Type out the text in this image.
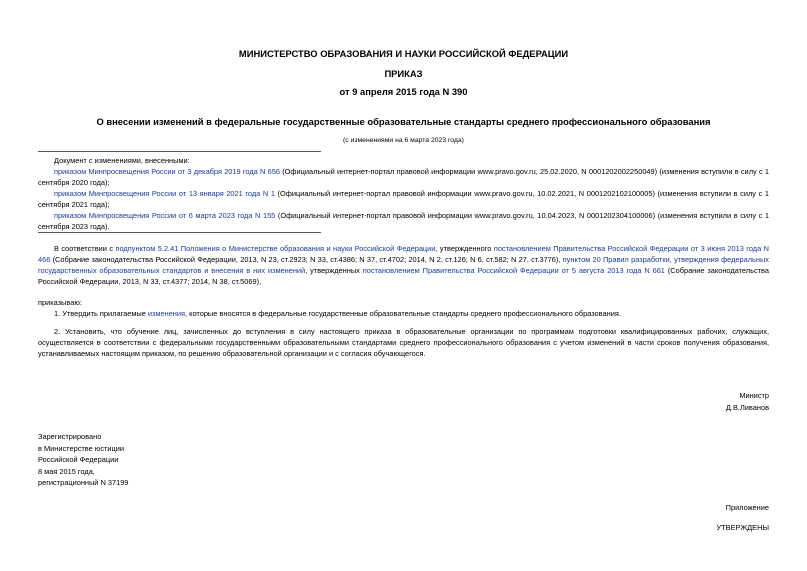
МИНИСТЕРСТВО ОБРАЗОВАНИЯ И НАУКИ РОССИЙСКОЙ ФЕДЕРАЦИИ
ПРИКАЗ
от 9 апреля 2015 года N 390
О внесении изменений в федеральные государственные образовательные стандарты среднего профессионального образования
(с изменениями на 6 марта 2023 года)
Документ с изменениями, внесенными:
приказом Минпросвещения России от 3 декабря 2019 года N 656 (Официальный интернет-портал правовой информации www.pravo.gov.ru, 25.02.2020, N 0001202002250049) (изменения вступили в силу с 1 сентября 2020 года);
приказом Минпросвещения России от 13 января 2021 года N 1 (Официальный интернет-портал правовой информации www.pravo.gov.ru, 10.02.2021, N 0001202102100005) (изменения вступили в силу с 1 сентября 2021 года);
приказом Минпросвещения России от 6 марта 2023 года N 155 (Официальный интернет-портал правовой информации www.pravo.gov.ru, 10.04.2023, N 0001202304100006) (изменения вступили в силу с 1 сентября 2023 года).
В соответствии с подпунктом 5.2.41 Положения о Министерстве образования и науки Российской Федерации, утвержденного постановлением Правительства Российской Федерации от 3 июня 2013 года N 466 (Собрание законодательства Российской Федерации, 2013, N 23, ст.2923; N 33, ст.4386; N 37, ст.4702; 2014, N 2, ст.126; N 6, ст.582; N 27, ст.3776), пунктом 20 Правил разработки, утверждения федеральных государственных образовательных стандартов и внесения в них изменений, утвержденных постановлением Правительства Российской Федерации от 5 августа 2013 года N 661 (Собрание законодательства Российской Федерации, 2013, N 33, ст.4377; 2014, N 38, ст.5069),
приказываю:
1. Утвердить прилагаемые изменения, которые вносятся в федеральные государственные образовательные стандарты среднего профессионального образования.
2. Установить, что обучение лиц, зачисленных до вступления в силу настоящего приказа в образовательные организации по программам подготовки квалифицированных рабочих, служащих, осуществляется в соответствии с федеральными государственными образовательными стандартами среднего профессионального образования с учетом изменений в части сроков получения образования, устанавливаемых настоящим приказом, по решению образовательной организации и с согласия обучающегося.
Министр
Д.В.Ливанов
Зарегистрировано
в Министерстве юстиции
Российской Федерации
8 мая 2015 года,
регистрационный N 37199
Приложение
УТВЕРЖДЕНЫ
